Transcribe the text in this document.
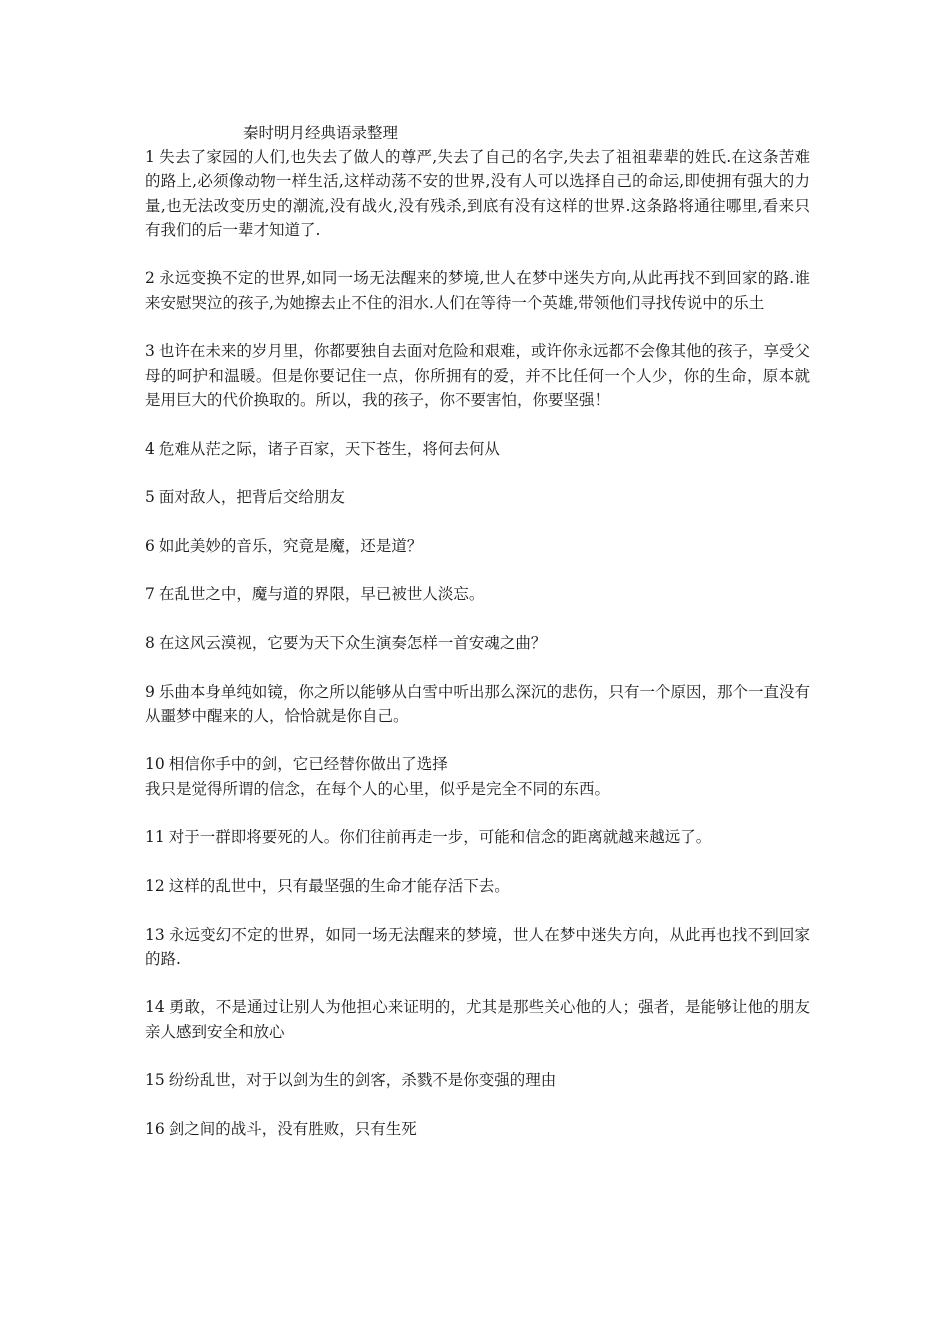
秦时明月经典语录整理

1 失去了家园的人们,也失去了做人的尊严,失去了自己的名字,失去了祖祖辈辈的姓氏.在这条苦难的路上,必须像动物一样生活,这样动荡不安的世界,没有人可以选择自己的命运,即使拥有强大的力量,也无法改变历史的潮流,没有战火,没有残杀,到底有没有这样的世界.这条路将通往哪里,看来只有我们的后一辈才知道了.

2 永远变换不定的世界,如同一场无法醒来的梦境,世人在梦中迷失方向,从此再找不到回家的路.谁来安慰哭泣的孩子,为她擦去止不住的泪水.人们在等待一个英雄,带领他们寻找传说中的乐土

3 也许在未来的岁月里，你都要独自去面对危险和艰难，或许你永远都不会像其他的孩子，享受父母的呵护和温暖。但是你要记住一点，你所拥有的爱，并不比任何一个人少，你的生命，原本就是用巨大的代价换取的。所以，我的孩子，你不要害怕，你要坚强！

4 危难从茫之际，诸子百家，天下苍生，将何去何从

5 面对敌人，把背后交给朋友

6 如此美妙的音乐，究竟是魔，还是道？

7 在乱世之中，魔与道的界限，早已被世人淡忘。

8 在这风云漠视，它要为天下众生演奏怎样一首安魂之曲？

9 乐曲本身单纯如镜，你之所以能够从白雪中听出那么深沉的悲伤，只有一个原因，那个一直没有从噩梦中醒来的人，恰恰就是你自己。

10 相信你手中的剑，它已经替你做出了选择
我只是觉得所谓的信念，在每个人的心里，似乎是完全不同的东西。

11 对于一群即将要死的人。你们往前再走一步，可能和信念的距离就越来越远了。

12 这样的乱世中，只有最坚强的生命才能存活下去。

13 永远变幻不定的世界，如同一场无法醒来的梦境，世人在梦中迷失方向，从此再也找不到回家的路.

14 勇敢，不是通过让别人为他担心来证明的，尤其是那些关心他的人；强者，是能够让他的朋友亲人感到安全和放心

15 纷纷乱世，对于以剑为生的剑客，杀戮不是你变强的理由

16 剑之间的战斗，没有胜败，只有生死
